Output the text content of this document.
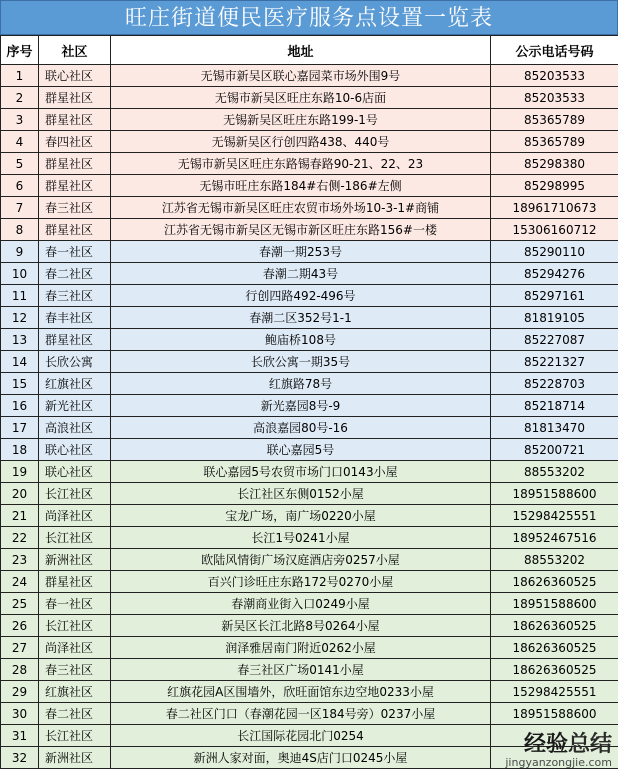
旺庄街道便民医疗服务点设置一览表
序号	社区	地址	公示电话号码
1	联心社区	无锡市新吴区联心嘉园菜市场外围9号	85203533
2	群星社区	无锡市新吴区旺庄东路10-6店面	85203533
3	群星社区	无锡新吴区旺庄东路199-1号	85365789
4	春四社区	无锡新吴区行创四路438、440号	85365789
5	群星社区	无锡市新吴区旺庄东路锡春路90-21、22、23	85298380
6	群星社区	无锡市旺庄东路184#右侧-186#左侧	85298995
7	春三社区	江苏省无锡市新吴区旺庄农贸市场外场10-3-1#商铺	18961710673
8	群星社区	江苏省无锡市新吴区无锡市新区旺庄东路156#一楼	15306160712
9	春一社区	春潮一期253号	85290110
10	春二社区	春潮二期43号	85294276
11	春三社区	行创四路492-496号	85297161
12	春丰社区	春潮二区352号1-1	81819105
13	群星社区	鲍庙桥108号	85227087
14	长欣公寓	长欣公寓一期35号	85221327
15	红旗社区	红旗路78号	85228703
16	新光社区	新光嘉园8号-9	85218714
17	高浪社区	高浪嘉园80号-16	81813470
18	联心社区	联心嘉园5号	85200721
19	联心社区	联心嘉园5号农贸市场门口0143小屋	88553202
20	长江社区	长江社区东侧0152小屋	18951588600
21	尚泽社区	宝龙广场，南广场0220小屋	15298425551
22	长江社区	长江1号0241小屋	18952467516
23	新洲社区	欧陆风情街广场汉庭酒店旁0257小屋	88553202
24	群星社区	百兴门诊旺庄东路172号0270小屋	18626360525
25	春一社区	春潮商业街入口0249小屋	18951588600
26	长江社区	新吴区长江北路8号0264小屋	18626360525
27	尚泽社区	润泽雅居南门附近0262小屋	18626360525
28	春三社区	春三社区广场0141小屋	18626360525
29	红旗社区	红旗花园A区围墙外，欣旺面馆东边空地0233小屋	15298425551
30	春二社区	春二社区门口（春潮花园一区184号旁）0237小屋	18951588600
31	长江社区	长江国际花园北门0254	
32	新洲社区	新洲人家对面，奥迪4S店门口0245小屋	
经验总结
jingyanzongjie.com
